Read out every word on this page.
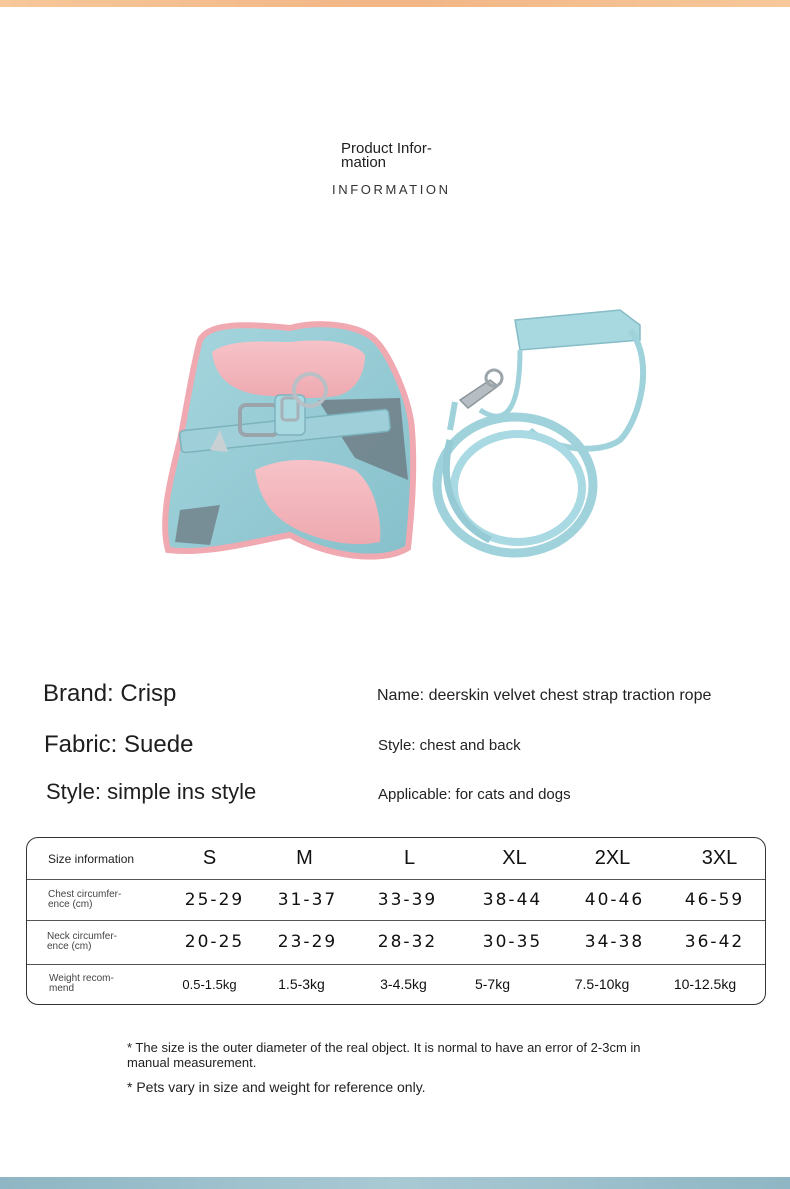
Product Infor-
mation
INFORMATION
Brand: Crisp
Fabric: Suede
Style: simple ins style
Name: deerskin velvet chest strap traction rope
Style: chest and back
Applicable: for cats and dogs
Size information	S	M	L	XL	2XL	3XL
Chest circumfer-
ence (cm)	25-29	31-37	33-39	38-44	40-46	46-59
Neck circumfer-
ence (cm)	20-25	23-29	28-32	30-35	34-38	36-42
Weight recom-
mend	0.5-1.5kg	1.5-3kg	3-4.5kg	5-7kg	7.5-10kg	10-12.5kg
* The size is the outer diameter of the real object. It is normal to have an error of 2-3cm in manual measurement.
* Pets vary in size and weight for reference only.
